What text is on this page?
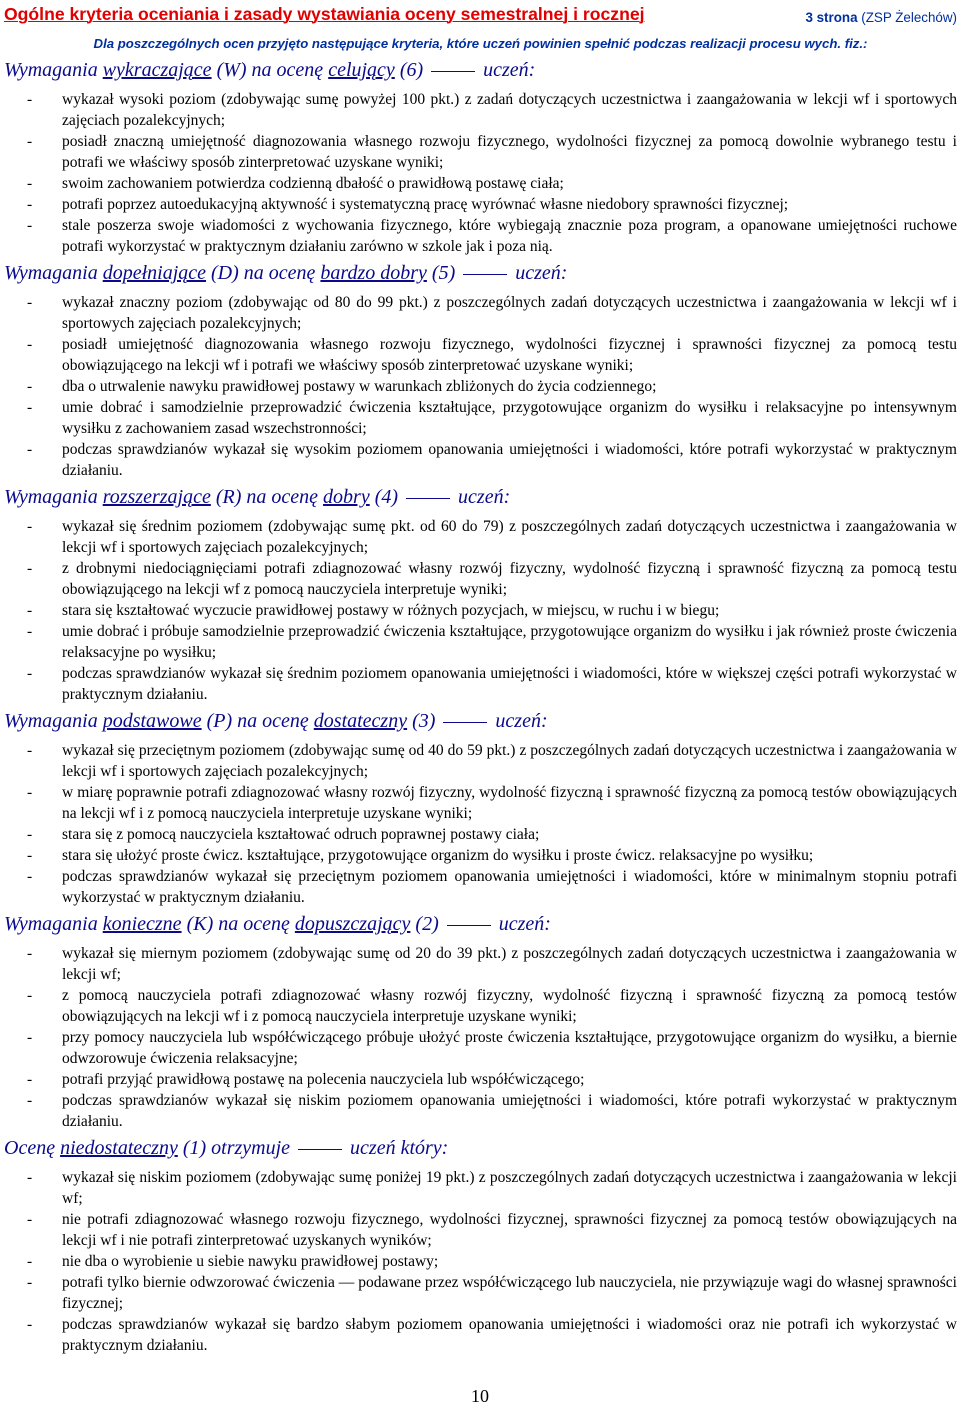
Ogólne kryteria oceniania i zasady wystawiania oceny semestralnej i rocznej	3 strona (ZSP Żelechów)
Dla poszczególnych ocen przyjęto następujące kryteria, które uczeń powinien spełnić podczas realizacji procesu wych. fiz.:
Wymagania wykraczające (W) na ocenę celujący (6)	uczeń:
- wykazał wysoki poziom (zdobywając sumę powyżej 100 pkt.) z zadań dotyczących uczestnictwa i zaangażowania w lekcji wf i sportowych zajęciach pozalekcyjnych;
- posiadł znaczną umiejętność diagnozowania własnego rozwoju fizycznego, wydolności fizycznej za pomocą dowolnie wybranego testu i potrafi we właściwy sposób zinterpretować uzyskane wyniki;
- swoim zachowaniem potwierdza codzienną dbałość o prawidłową postawę ciała;
- potrafi poprzez autoedukacyjną aktywność i systematyczną pracę wyrównać własne niedobory sprawności fizycznej;
- stale poszerza swoje wiadomości z wychowania fizycznego, które wybiegają znacznie poza program, a opanowane umiejętności ruchowe potrafi wykorzystać w praktycznym działaniu zarówno w szkole jak i poza nią.
Wymagania dopełniające (D) na ocenę bardzo dobry (5)	uczeń:
- wykazał znaczny poziom (zdobywając od 80 do 99 pkt.) z poszczególnych zadań dotyczących uczestnictwa i zaangażowania w lekcji wf i sportowych zajęciach pozalekcyjnych;
- posiadł umiejętność diagnozowania własnego rozwoju fizycznego, wydolności fizycznej i sprawności fizycznej za pomocą testu obowiązującego na lekcji wf i potrafi we właściwy sposób zinterpretować uzyskane wyniki;
- dba o utrwalenie nawyku prawidłowej postawy w warunkach zbliżonych do życia codziennego;
- umie dobrać i samodzielnie przeprowadzić ćwiczenia kształtujące, przygotowujące organizm do wysiłku i relaksacyjne po intensywnym wysiłku z zachowaniem zasad wszechstronności;
- podczas sprawdzianów wykazał się wysokim poziomem opanowania umiejętności i wiadomości, które potrafi wykorzystać w praktycznym działaniu.
Wymagania rozszerzające (R) na ocenę dobry (4)	uczeń:
- wykazał się średnim poziomem (zdobywając sumę pkt. od 60 do 79) z poszczególnych zadań dotyczących uczestnictwa i zaangażowania w lekcji wf i sportowych zajęciach pozalekcyjnych;
- z drobnymi niedociągnięciami potrafi zdiagnozować własny rozwój fizyczny, wydolność fizyczną i sprawność fizyczną za pomocą testu obowiązującego na lekcji wf z pomocą nauczyciela interpretuje wyniki;
- stara się kształtować wyczucie prawidłowej postawy w różnych pozycjach, w miejscu, w ruchu i w biegu;
- umie dobrać i próbuje samodzielnie przeprowadzić ćwiczenia kształtujące, przygotowujące organizm do wysiłku i jak również proste ćwiczenia relaksacyjne po wysiłku;
- podczas sprawdzianów wykazał się średnim poziomem opanowania umiejętności i wiadomości, które w większej części potrafi wykorzystać w praktycznym działaniu.
Wymagania podstawowe (P) na ocenę dostateczny (3)	uczeń:
- wykazał się przeciętnym poziomem (zdobywając sumę od 40 do 59 pkt.) z poszczególnych zadań dotyczących uczestnictwa i zaangażowania w lekcji wf i sportowych zajęciach pozalekcyjnych;
- w miarę poprawnie potrafi zdiagnozować własny rozwój fizyczny, wydolność fizyczną i sprawność fizyczną za pomocą testów obowiązujących na lekcji wf i z pomocą nauczyciela interpretuje uzyskane wyniki;
- stara się z pomocą nauczyciela kształtować odruch poprawnej postawy ciała;
- stara się ułożyć proste ćwicz. kształtujące, przygotowujące organizm do wysiłku i proste ćwicz. relaksacyjne po wysiłku;
- podczas sprawdzianów wykazał się przeciętnym poziomem opanowania umiejętności i wiadomości, które w minimalnym stopniu potrafi wykorzystać w praktycznym działaniu.
Wymagania konieczne (K) na ocenę dopuszczający (2)	uczeń:
- wykazał się miernym poziomem (zdobywając sumę od 20 do 39 pkt.) z poszczególnych zadań dotyczących uczestnictwa i zaangażowania w lekcji wf;
- z pomocą nauczyciela potrafi zdiagnozować własny rozwój fizyczny, wydolność fizyczną i sprawność fizyczną za pomocą testów obowiązujących na lekcji wf i z pomocą nauczyciela interpretuje uzyskane wyniki;
- przy pomocy nauczyciela lub współćwiczącego próbuje ułożyć proste ćwiczenia kształtujące, przygotowujące organizm do wysiłku, a biernie odwzorowuje ćwiczenia relaksacyjne;
- potrafi przyjąć prawidłową postawę na polecenia nauczyciela lub współćwiczącego;
- podczas sprawdzianów wykazał się niskim poziomem opanowania umiejętności i wiadomości, które potrafi wykorzystać w praktycznym działaniu.
Ocenę niedostateczny (1) otrzymuje	uczeń który:
- wykazał się niskim poziomem (zdobywając sumę poniżej 19 pkt.) z poszczególnych zadań dotyczących uczestnictwa i zaangażowania w lekcji wf;
- nie potrafi zdiagnozować własnego rozwoju fizycznego, wydolności fizycznej, sprawności fizycznej za pomocą testów obowiązujących na lekcji wf i nie potrafi zinterpretować uzyskanych wyników;
- nie dba o wyrobienie u siebie nawyku prawidłowej postawy;
- potrafi tylko biernie odwzorować ćwiczenia — podawane przez współćwiczącego lub nauczyciela, nie przywiązuje wagi do własnej sprawności fizycznej;
- podczas sprawdzianów wykazał się bardzo słabym poziomem opanowania umiejętności i wiadomości oraz nie potrafi ich wykorzystać w praktycznym działaniu.
10
